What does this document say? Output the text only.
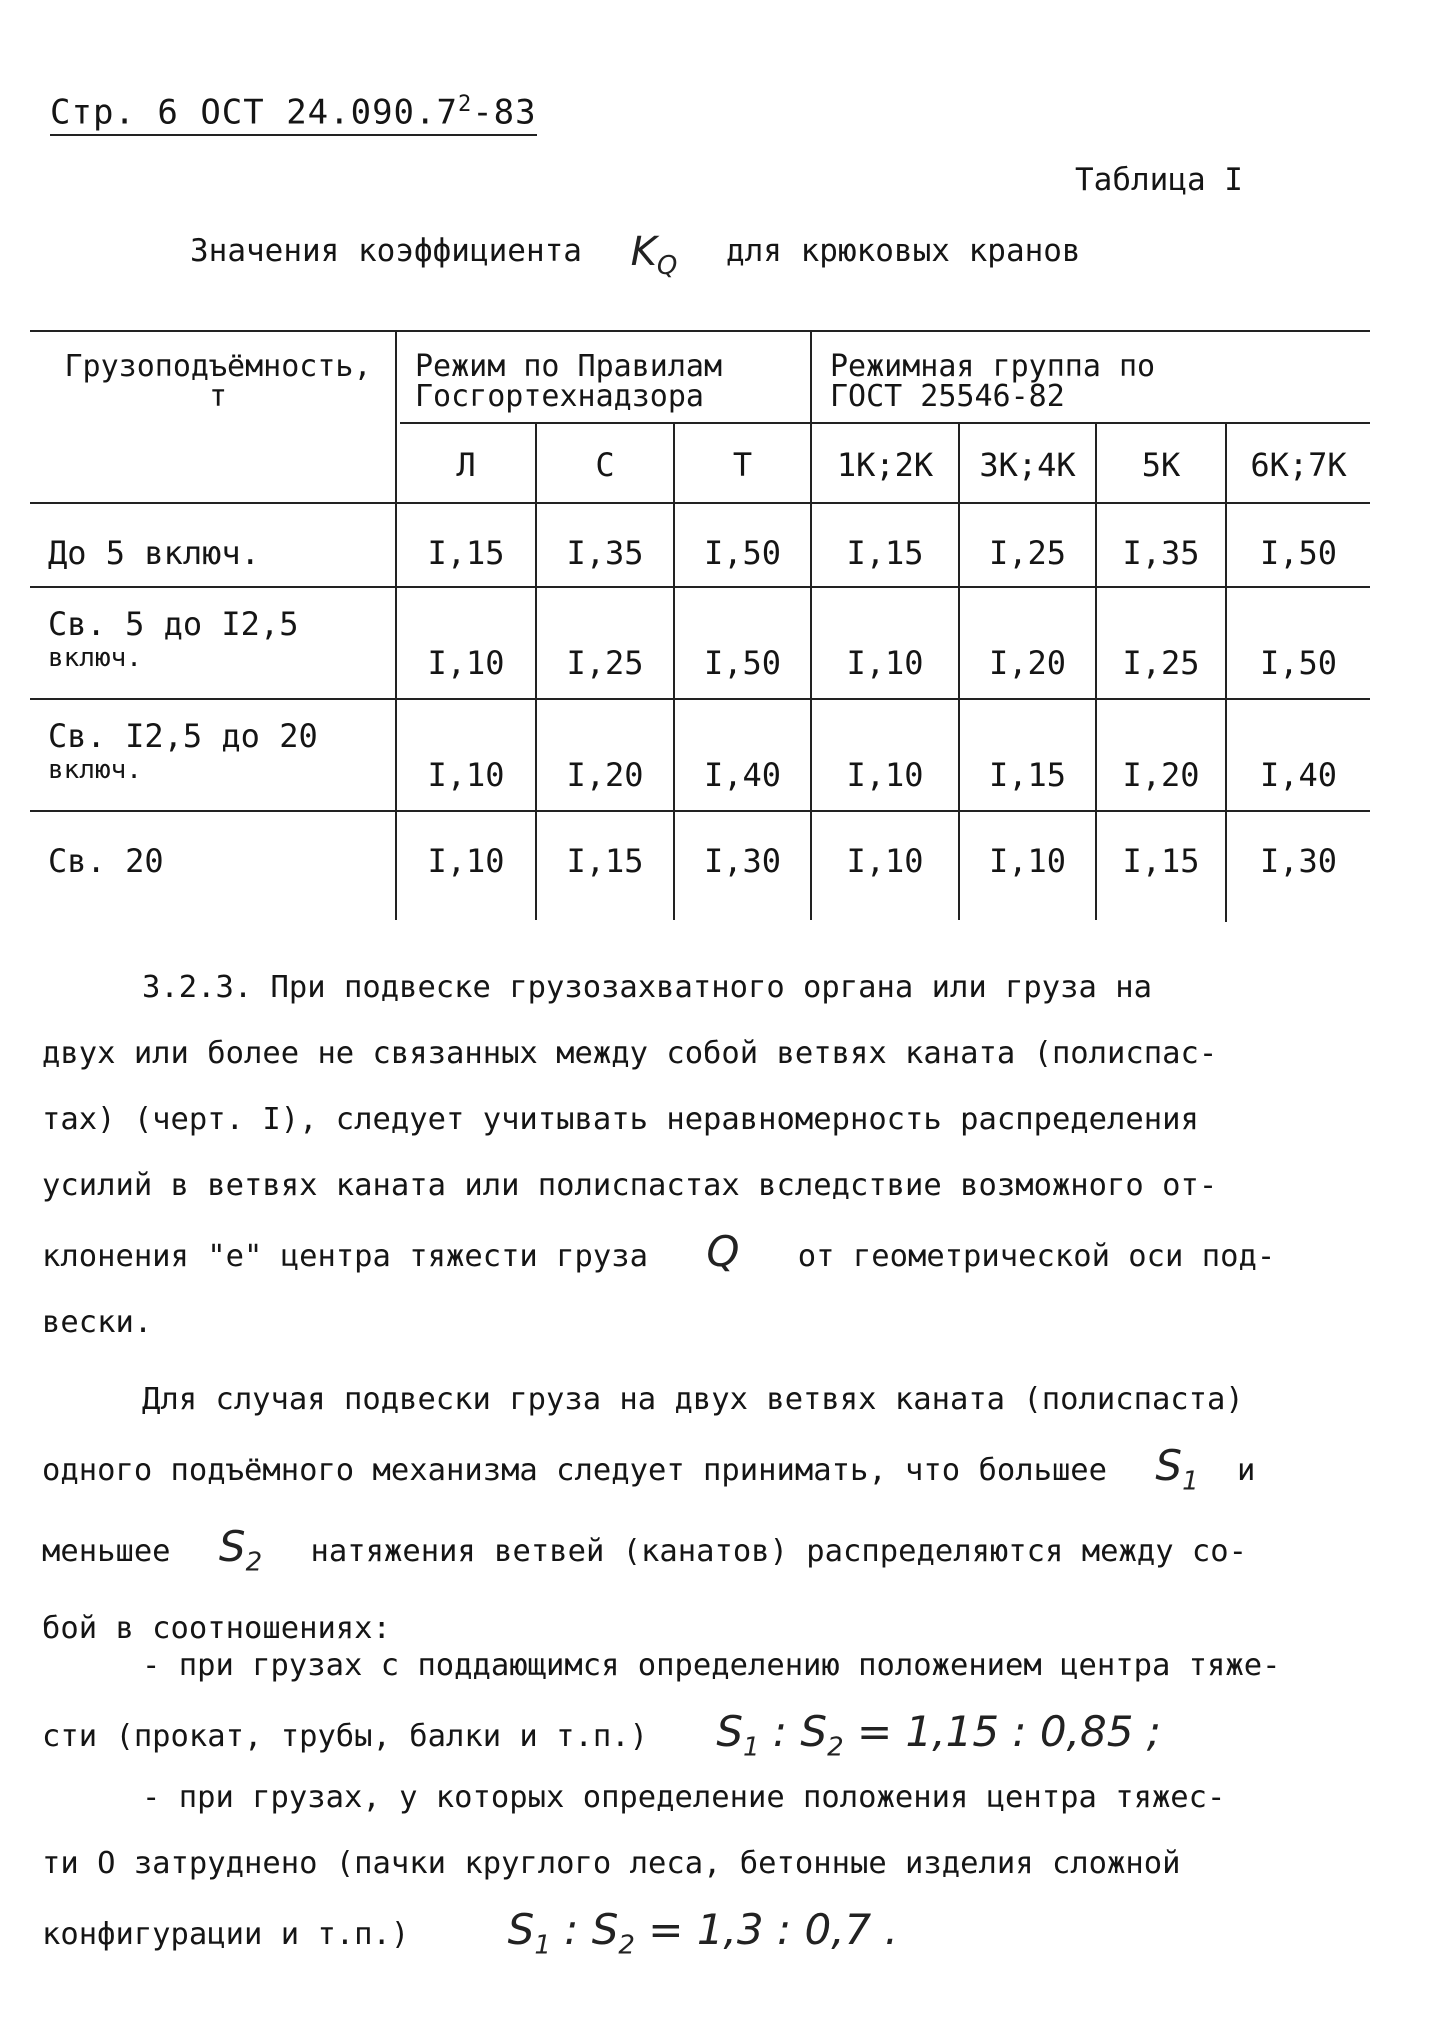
Стр. 6 ОСТ 24.090.7$^2$-83
Таблица I
Значения коэффициента $K_Q$ для крюковых кранов
Грузоподъёмность,
т
Режим по Правилам
Госгортехнадзора
Режимная группа по
ГОСТ 25546-82
Л	С	Т	1К;2К	3К;4К	5К	6К;7К
До 5 включ.	I,15	I,35	I,50	I,15	I,25	I,35	I,50
Св. 5 до I2,5
включ.	I,10	I,25	I,50	I,10	I,20	I,25	I,50
Св. I2,5 до 20
включ.	I,10	I,20	I,40	I,10	I,15	I,20	I,40
Св. 20	I,10	I,15	I,30	I,10	I,10	I,15	I,30
3.2.3. При подвеске грузозахватного органа или груза на
двух или более не связанных между собой ветвях каната (полиспас-
тах) (черт. I), следует учитывать неравномерность распределения
усилий в ветвях каната или полиспастах вследствие возможного от-
клонения "е" центра тяжести груза Q от геометрической оси под-
вески.
Для случая подвески груза на двух ветвях каната (полиспаста)
одного подъёмного механизма следует принимать, что большее $S_1$ и
меньшее $S_2$ натяжения ветвей (канатов) распределяются между со-
бой в соотношениях:
- при грузах с поддающимся определению положением центра тяже-
сти (прокат, трубы, балки и т.п.) $S_1$ : $S_2 = 1,15$ : 0,85 ;
- при грузах, у которых определение положения центра тяжес-
ти О затруднено (пачки круглого леса, бетонные изделия сложной
конфигурации и т.п.) $S_1$ : $S_2 = 1,3$ : 0,7 .
